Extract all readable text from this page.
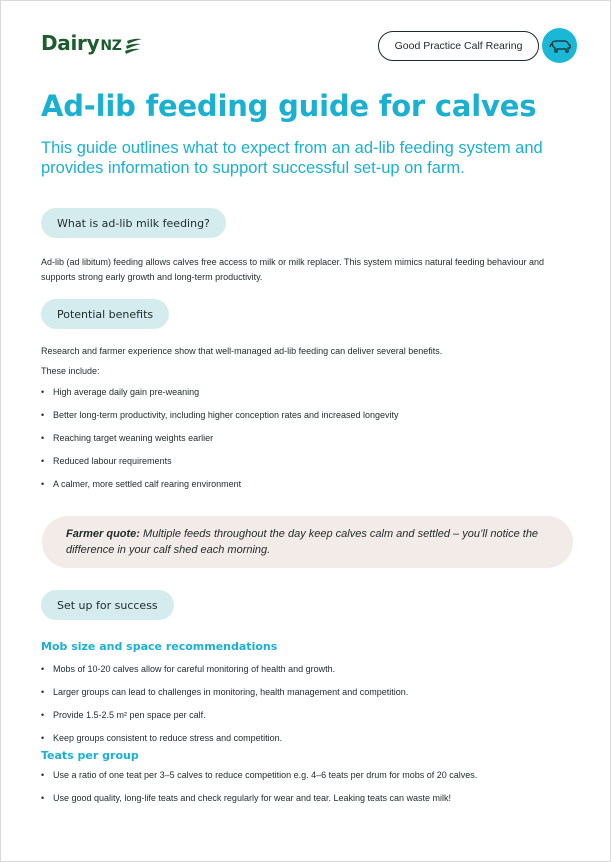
Dairy NZ	Good Practice Calf Rearing
Ad-lib feeding guide for calves
This guide outlines what to expect from an ad-lib feeding system and provides information to support successful set-up on farm.
What is ad-lib milk feeding?
Ad-lib (ad libitum) feeding allows calves free access to milk or milk replacer. This system mimics natural feeding behaviour and supports strong early growth and long-term productivity.
Potential benefits
Research and farmer experience show that well-managed ad-lib feeding can deliver several benefits.
These include:
• High average daily gain pre-weaning
• Better long-term productivity, including higher conception rates and increased longevity
• Reaching target weaning weights earlier
• Reduced labour requirements
• A calmer, more settled calf rearing environment
Farmer quote: Multiple feeds throughout the day keep calves calm and settled – you’ll notice the difference in your calf shed each morning.
Set up for success
Mob size and space recommendations
• Mobs of 10-20 calves allow for careful monitoring of health and growth.
• Larger groups can lead to challenges in monitoring, health management and competition.
• Provide 1.5-2.5 m² pen space per calf.
• Keep groups consistent to reduce stress and competition.
Teats per group
• Use a ratio of one teat per 3–5 calves to reduce competition e.g. 4–6 teats per drum for mobs of 20 calves.
• Use good quality, long-life teats and check regularly for wear and tear. Leaking teats can waste milk!
